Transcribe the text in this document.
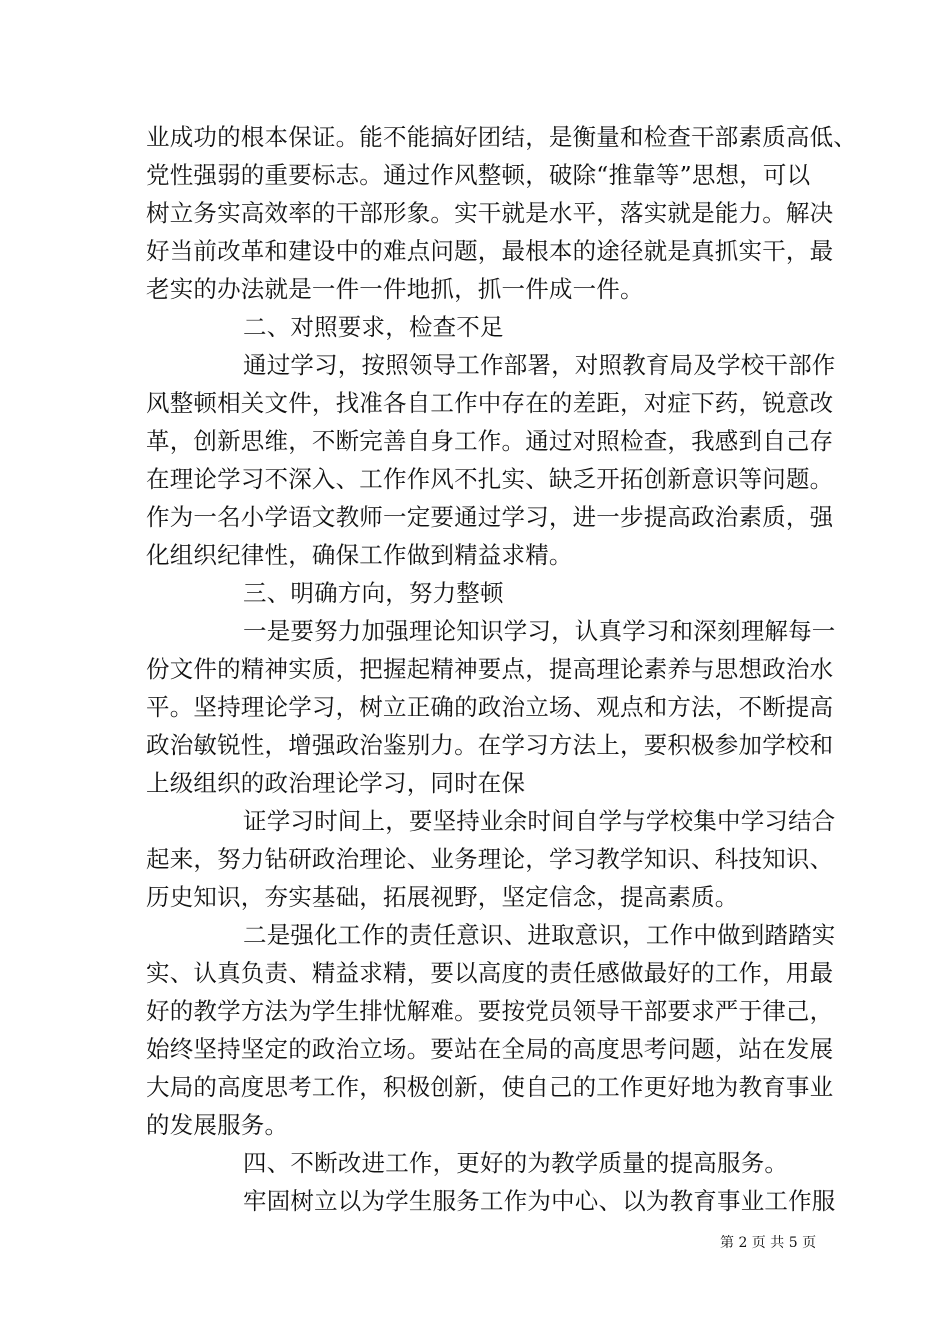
业成功的根本保证。能不能搞好团结，是衡量和检查干部素质高低、
党性强弱的重要标志。通过作风整顿，破除“推靠等”思想，可以
树立务实高效率的干部形象。实干就是水平，落实就是能力。解决
好当前改革和建设中的难点问题，最根本的途径就是真抓实干，最
老实的办法就是一件一件地抓，抓一件成一件。
二、对照要求，检查不足
通过学习，按照领导工作部署，对照教育局及学校干部作
风整顿相关文件，找准各自工作中存在的差距，对症下药，锐意改
革，创新思维，不断完善自身工作。通过对照检查，我感到自己存
在理论学习不深入、工作作风不扎实、缺乏开拓创新意识等问题。
作为一名小学语文教师一定要通过学习，进一步提高政治素质，强
化组织纪律性，确保工作做到精益求精。
三、明确方向，努力整顿
一是要努力加强理论知识学习，认真学习和深刻理解每一
份文件的精神实质，把握起精神要点，提高理论素养与思想政治水
平。坚持理论学习，树立正确的政治立场、观点和方法，不断提高
政治敏锐性，增强政治鉴别力。在学习方法上，要积极参加学校和
上级组织的政治理论学习，同时在保
证学习时间上，要坚持业余时间自学与学校集中学习结合
起来，努力钻研政治理论、业务理论，学习教学知识、科技知识、
历史知识，夯实基础，拓展视野，坚定信念，提高素质。
二是强化工作的责任意识、进取意识，工作中做到踏踏实
实、认真负责、精益求精，要以高度的责任感做最好的工作，用最
好的教学方法为学生排忧解难。要按党员领导干部要求严于律己，
始终坚持坚定的政治立场。要站在全局的高度思考问题，站在发展
大局的高度思考工作，积极创新，使自己的工作更好地为教育事业
的发展服务。
四、不断改进工作，更好的为教学质量的提高服务。
牢固树立以为学生服务工作为中心、以为教育事业工作服
第 2 页 共 5 页
